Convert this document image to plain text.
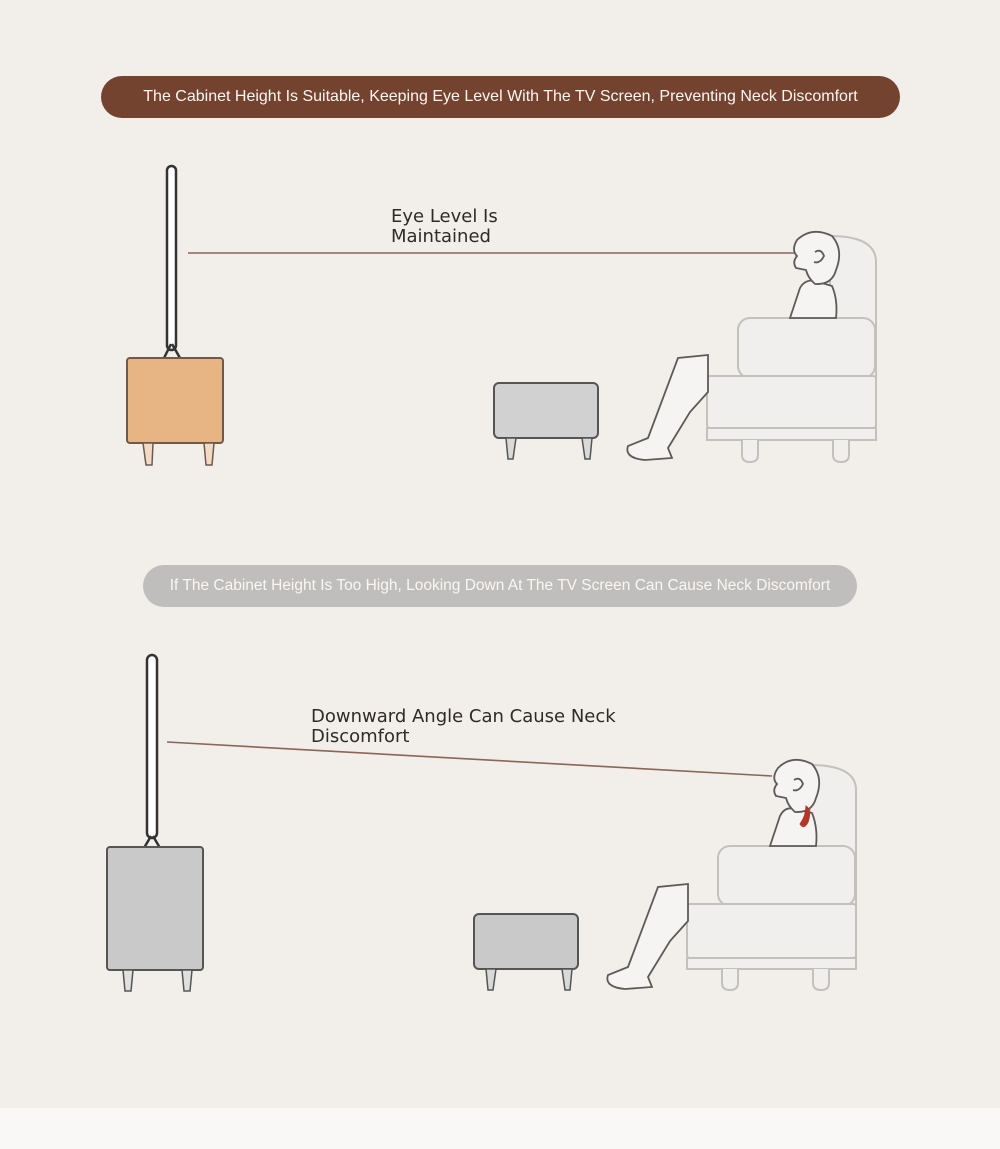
The Cabinet Height Is Suitable, Keeping Eye Level With The TV Screen, Preventing Neck Discomfort
Eye Level Is Maintained
If The Cabinet Height Is Too High, Looking Down At The TV Screen Can Cause Neck Discomfort
Downward Angle Can Cause Neck Discomfort
